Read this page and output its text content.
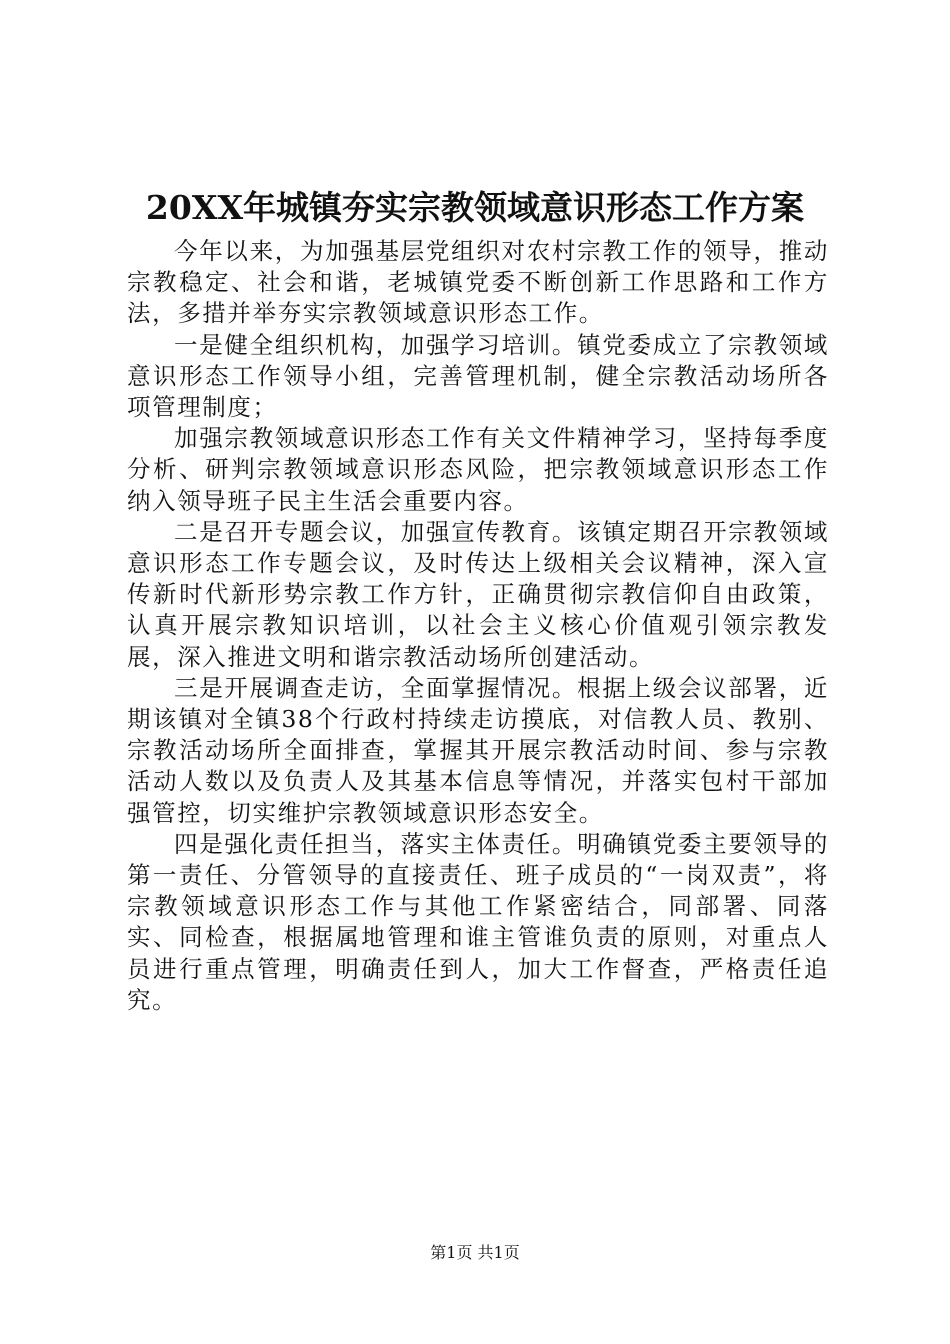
20XX年城镇夯实宗教领域意识形态工作方案

今年以来，为加强基层党组织对农村宗教工作的领导，推动宗教稳定、社会和谐，老城镇党委不断创新工作思路和工作方法，多措并举夯实宗教领域意识形态工作。

一是健全组织机构，加强学习培训。镇党委成立了宗教领域意识形态工作领导小组，完善管理机制，健全宗教活动场所各项管理制度；

加强宗教领域意识形态工作有关文件精神学习，坚持每季度分析、研判宗教领域意识形态风险，把宗教领域意识形态工作纳入领导班子民主生活会重要内容。

二是召开专题会议，加强宣传教育。该镇定期召开宗教领域意识形态工作专题会议，及时传达上级相关会议精神，深入宣传新时代新形势宗教工作方针，正确贯彻宗教信仰自由政策，认真开展宗教知识培训，以社会主义核心价值观引领宗教发展，深入推进文明和谐宗教活动场所创建活动。

三是开展调查走访，全面掌握情况。根据上级会议部署，近期该镇对全镇38个行政村持续走访摸底，对信教人员、教别、宗教活动场所全面排查，掌握其开展宗教活动时间、参与宗教活动人数以及负责人及其基本信息等情况，并落实包村干部加强管控，切实维护宗教领域意识形态安全。

四是强化责任担当，落实主体责任。明确镇党委主要领导的第一责任、分管领导的直接责任、班子成员的“一岗双责”，将宗教领域意识形态工作与其他工作紧密结合，同部署、同落实、同检查，根据属地管理和谁主管谁负责的原则，对重点人员进行重点管理，明确责任到人，加大工作督查，严格责任追究。

第1页 共1页
